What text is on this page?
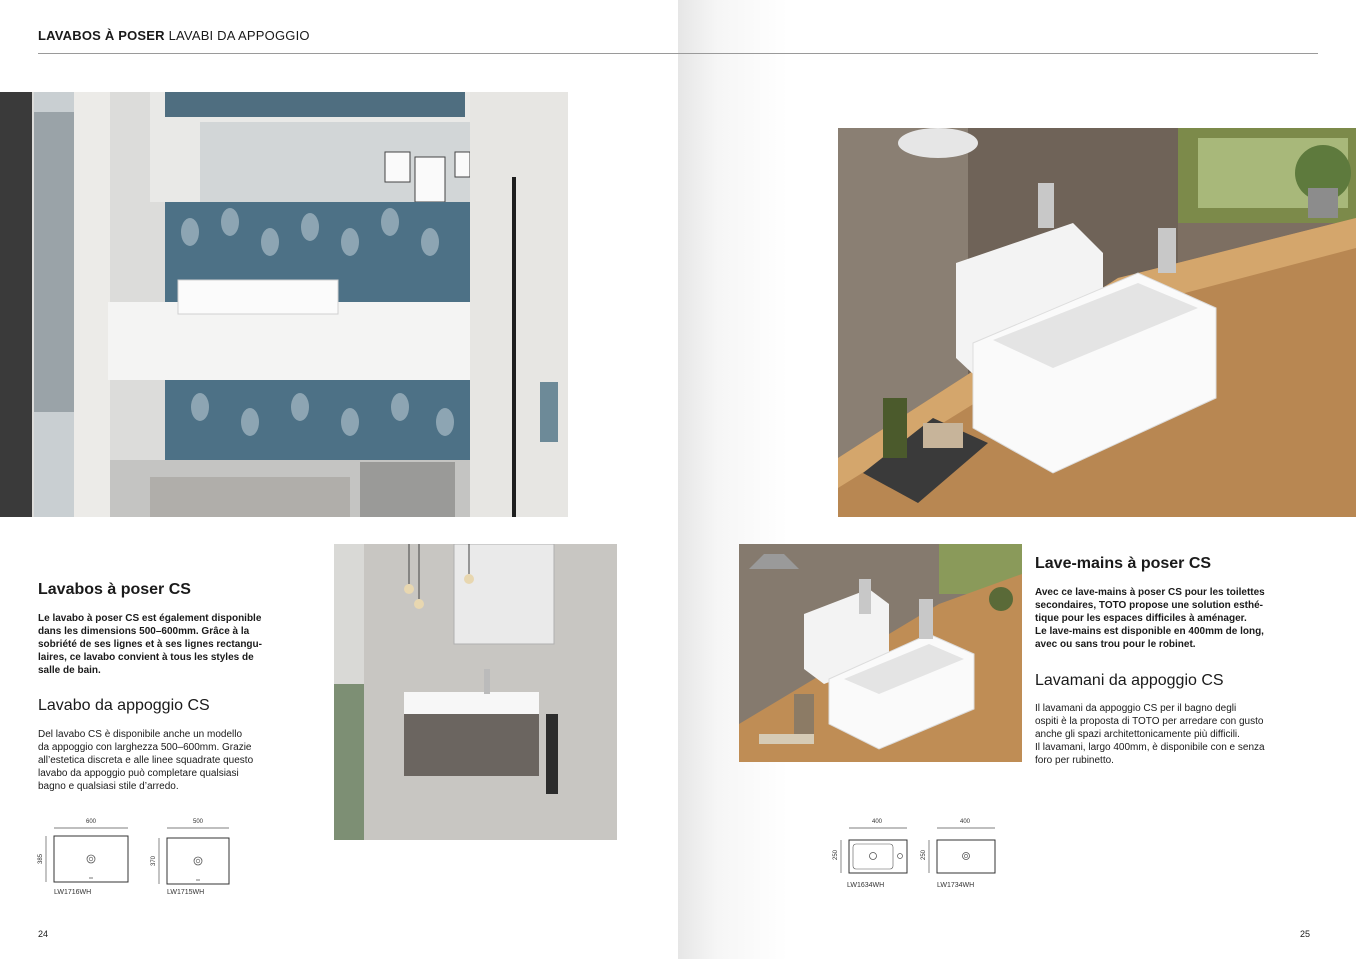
LAVABOS À POSER LAVABI DA APPOGGIO
Lavabos à poser CS
Le lavabo à poser CS est également disponible
dans les dimensions 500–600mm. Grâce à la
sobriété de ses lignes et à ses lignes rectangu-
laires, ce lavabo convient à tous les styles de
salle de bain.
Lavabo da appoggio CS
Del lavabo CS è disponibile anche un modello
da appoggio con larghezza 500–600mm. Grazie
all’estetica discreta e alle linee squadrate questo
lavabo da appoggio può completare qualsiasi
bagno e qualsiasi stile d’arredo.
600
385
LW1716WH
500
370
LW1715WH
24
Lave-mains à poser CS
Avec ce lave-mains à poser CS pour les toilettes
secondaires, TOTO propose une solution esthé-
tique pour les espaces difficiles à aménager.
Le lave-mains est disponible en 400mm de long,
avec ou sans trou pour le robinet.
Lavamani da appoggio CS
Il lavamani da appoggio CS per il bagno degli
ospiti è la proposta di TOTO per arredare con gusto
anche gli spazi architettonicamente più difficili.
Il lavamani, largo 400mm, è disponibile con e senza
foro per rubinetto.
400
250
LW1634WH
400
250
LW1734WH
25
